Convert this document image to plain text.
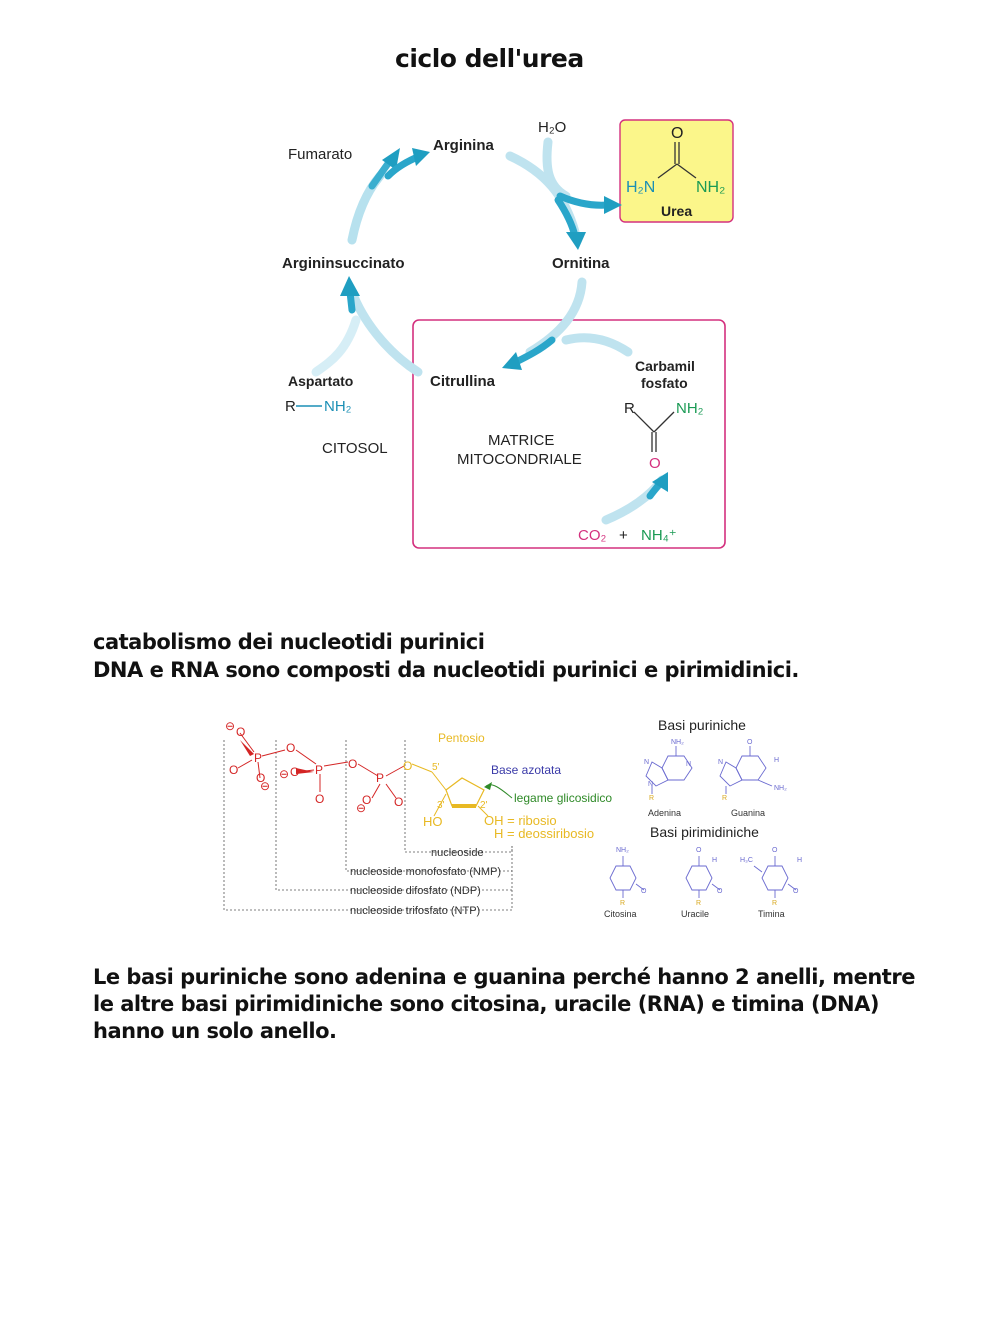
ciclo dell'urea
Fumarato
Arginina
H₂O	O
H₂N	NH₂
Urea
Argininsuccinato	Ornitina
Aspartato
R NH₂
CITOSOL
Citrullina
Carbamil
fosfato
R	NH₂
O
MATRICE
MITOCONDRIALE
CO₂ + NH₄⁺
catabolismo dei nucleotidi purinici
DNA e RNA sono composti da nucleotidi purinici e pirimidinici.
⊖ O
P
O
O
⊖
O
⊖ O P
O
O
P
O
⊖ O
O
Pentosio
5'
3'	2'
Base azotata
legame glicosidico
HO	OH = ribosio
H = deossiribosio
nucleoside
nucleoside monofosfato (NMP)
nucleoside difosfato (NDP)
nucleoside trifosfato (NTP)
Basi puriniche
Basi pirimidiniche
Adenina	Guanina
Citosina	Uracile	Timina
NH₂
N
N
N
R
O
H
N
NH₂
R
NH₂
O
R
O
H
O
R
O
H₃C	H
O
R
Le basi puriniche sono adenina e guanina perché hanno 2 anelli, mentre le altre basi pirimidiniche sono citosina, uracile (RNA) e timina (DNA) hanno un solo anello.
